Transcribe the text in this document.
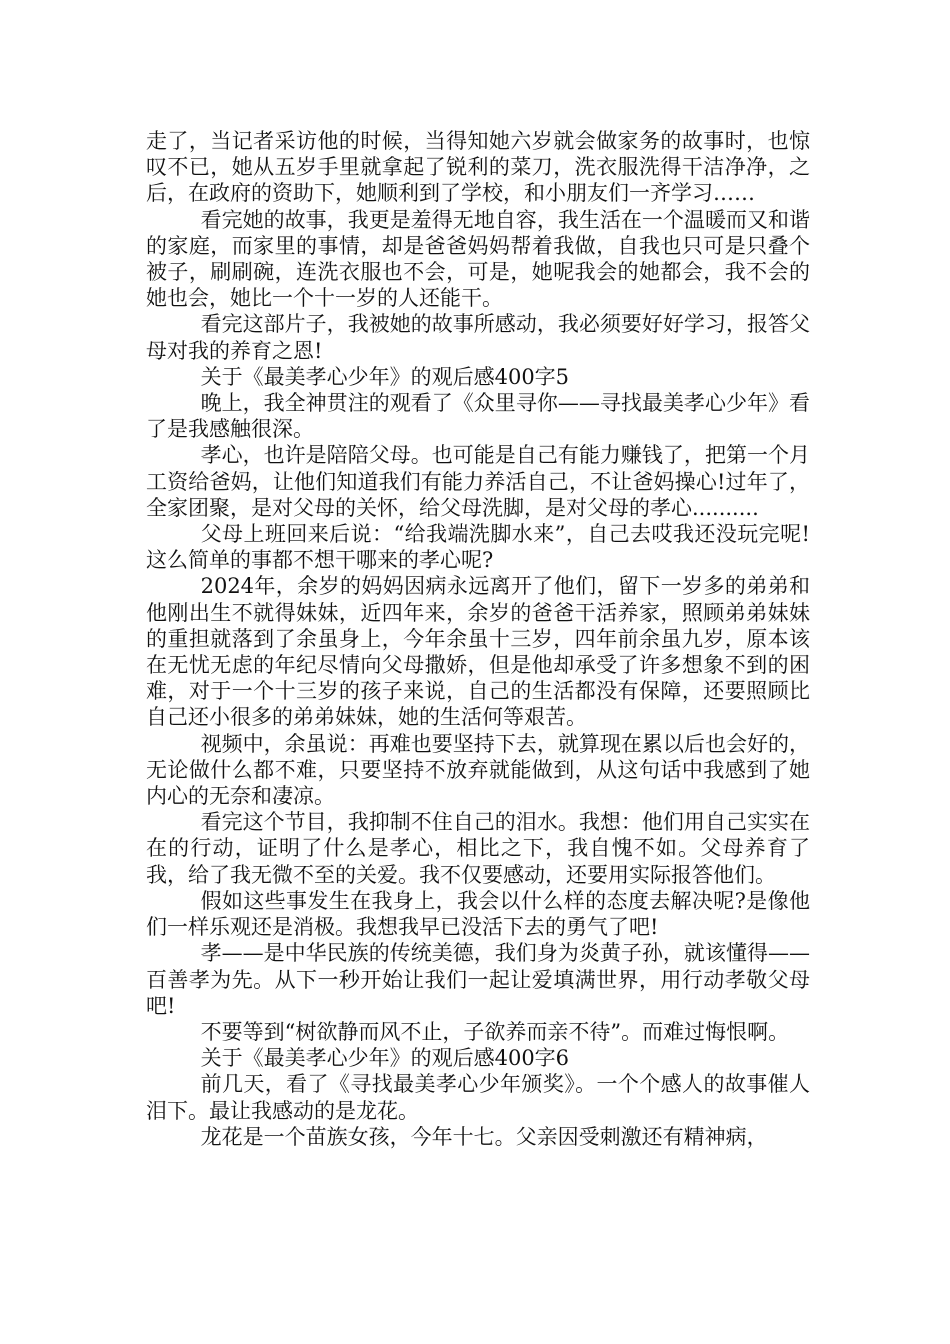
走了，当记者采访他的时候，当得知她六岁就会做家务的故事时，也惊叹不已，她从五岁手里就拿起了锐利的菜刀，洗衣服洗得干洁净净，之后，在政府的资助下，她顺利到了学校，和小朋友们一齐学习……

看完她的故事，我更是羞得无地自容，我生活在一个温暖而又和谐的家庭，而家里的事情，却是爸爸妈妈帮着我做，自我也只可是只叠个被子，刷刷碗，连洗衣服也不会，可是，她呢我会的她都会，我不会的她也会，她比一个十一岁的人还能干。

看完这部片子，我被她的故事所感动，我必须要好好学习，报答父母对我的养育之恩!

关于《最美孝心少年》的观后感400字5

晚上，我全神贯注的观看了《众里寻你——寻找最美孝心少年》看了是我感触很深。

孝心，也许是陪陪父母。也可能是自己有能力赚钱了，把第一个月工资给爸妈，让他们知道我们有能力养活自己，不让爸妈操心!过年了，全家团聚，是对父母的关怀，给父母洗脚，是对父母的孝心..........

父母上班回来后说：“给我端洗脚水来”，自己去哎我还没玩完呢!这么简单的事都不想干哪来的孝心呢?

2024年，余岁的妈妈因病永远离开了他们，留下一岁多的弟弟和他刚出生不就得妹妹，近四年来，余岁的爸爸干活养家，照顾弟弟妹妹的重担就落到了余虽身上，今年余虽十三岁，四年前余虽九岁，原本该在无忧无虑的年纪尽情向父母撒娇，但是他却承受了许多想象不到的困难，对于一个十三岁的孩子来说，自己的生活都没有保障，还要照顾比自己还小很多的弟弟妹妹，她的生活何等艰苦。

视频中，余虽说：再难也要坚持下去，就算现在累以后也会好的，无论做什么都不难，只要坚持不放弃就能做到，从这句话中我感到了她内心的无奈和凄凉。

看完这个节目，我抑制不住自己的泪水。我想：他们用自己实实在在的行动，证明了什么是孝心，相比之下，我自愧不如。父母养育了我，给了我无微不至的关爱。我不仅要感动，还要用实际报答他们。

假如这些事发生在我身上，我会以什么样的态度去解决呢?是像他们一样乐观还是消极。我想我早已没活下去的勇气了吧!

孝——是中华民族的传统美德，我们身为炎黄子孙，就该懂得——百善孝为先。从下一秒开始让我们一起让爱填满世界，用行动孝敬父母吧!

不要等到“树欲静而风不止，子欲养而亲不待”。而难过悔恨啊。

关于《最美孝心少年》的观后感400字6

前几天，看了《寻找最美孝心少年颁奖》。一个个感人的故事催人泪下。最让我感动的是龙花。

龙花是一个苗族女孩，今年十七。父亲因受刺激还有精神病，
